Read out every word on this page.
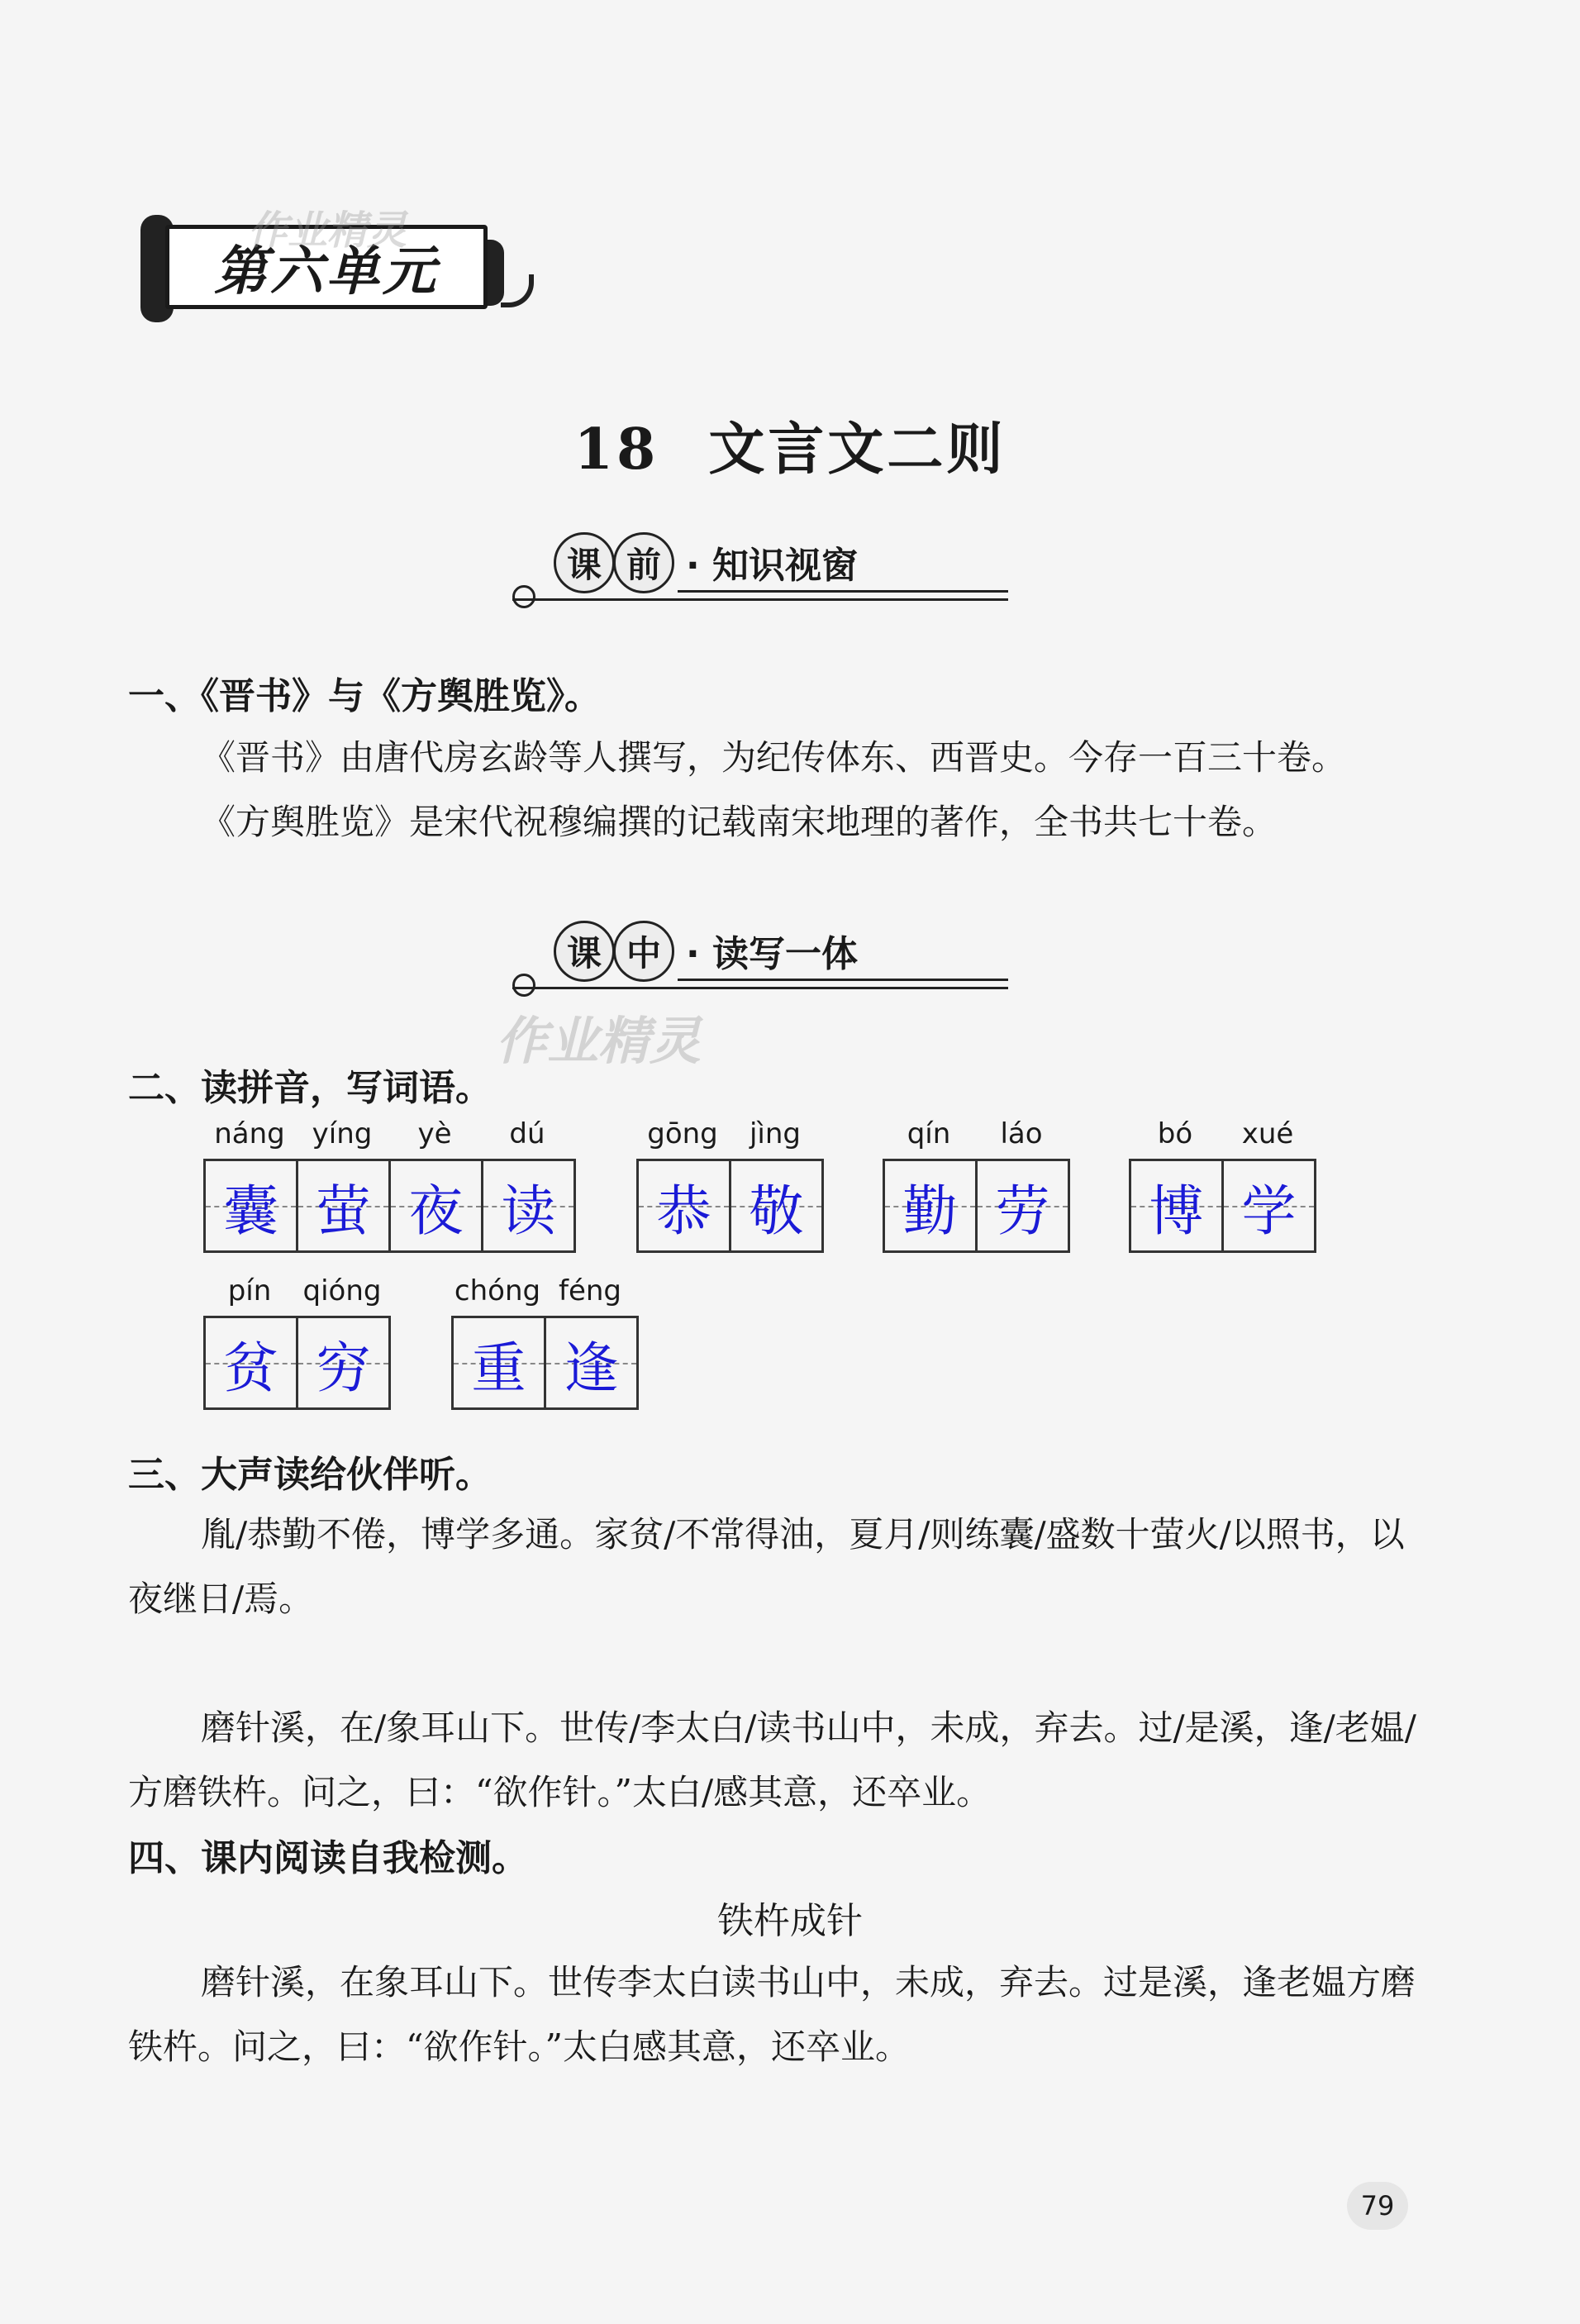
第六单元
作业精灵
18 文言文二则
课 前 · 知识视窗
一、《晋书》与《方舆胜览》。
《晋书》由唐代房玄龄等人撰写，为纪传体东、西晋史。今存一百三十卷。
《方舆胜览》是宋代祝穆编撰的记载南宋地理的著作，全书共七十卷。
课 中 · 读写一体
作业精灵
二、读拼音，写词语。
náng yíng	yè	dú
囊 萤 夜 读
gōng	jìng
恭 敬
qín	láo
勤 劳
bó	xué
博 学
pín	qióng
贫 穷
chóng féng
重 逢
三、大声读给伙伴听。
胤/恭勤不倦，博学多通。家贫/不常得油，夏月/则练囊/盛数十萤火/以照书，以夜继日/焉。
磨针溪，在/象耳山下。世传/李太白/读书山中，未成，弃去。过/是溪，逢/老媪/方磨铁杵。问之，曰：“欲作针。”太白/感其意，还卒业。
四、课内阅读自我检测。
铁杵成针
磨针溪，在象耳山下。世传李太白读书山中，未成，弃去。过是溪，逢老媪方磨铁杵。问之，曰：“欲作针。”太白感其意，还卒业。
79
